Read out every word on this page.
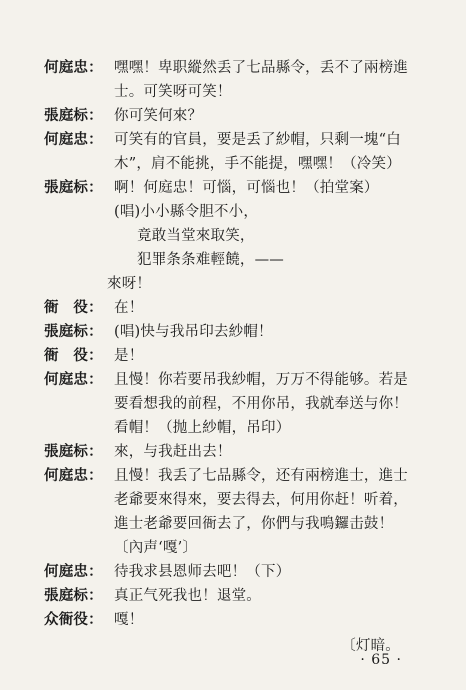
何庭忠： 嘿嘿！卑职縱然丢了七品縣令，丢不了兩榜進
士。可笑呀可笑！
張庭标： 你可笑何來？
何庭忠： 可笑有的官員，要是丢了紗帽，只剩一塊“白
木”，肩不能挑，手不能提，嘿嘿！（冷笑）
張庭标： 啊！何庭忠！可惱，可惱也！（拍堂案）
(唱)小小縣令胆不小，
竟敢当堂來取笑，
犯罪条条难輕饒，——
來呀！
衙　役： 在！
張庭标： (唱)快与我吊印去紗帽！
衙　役： 是！
何庭忠： 且慢！你若要吊我紗帽，万万不得能够。若是
要看想我的前程，不用你吊，我就奉送与你！
看帽！（抛上紗帽，吊印）
張庭标： 來，与我赶出去！
何庭忠： 且慢！我丢了七品縣令，还有兩榜進士，進士
老爺要來得來，要去得去，何用你赶！听着，
進士老爺要回衙去了，你們与我鳴鑼击鼓！
〔內声‘嘎’〕
何庭忠： 待我求县恩师去吧！（下）
張庭标： 真正气死我也！退堂。
众衙役： 嘎！
〔灯暗。
· 65 ·
